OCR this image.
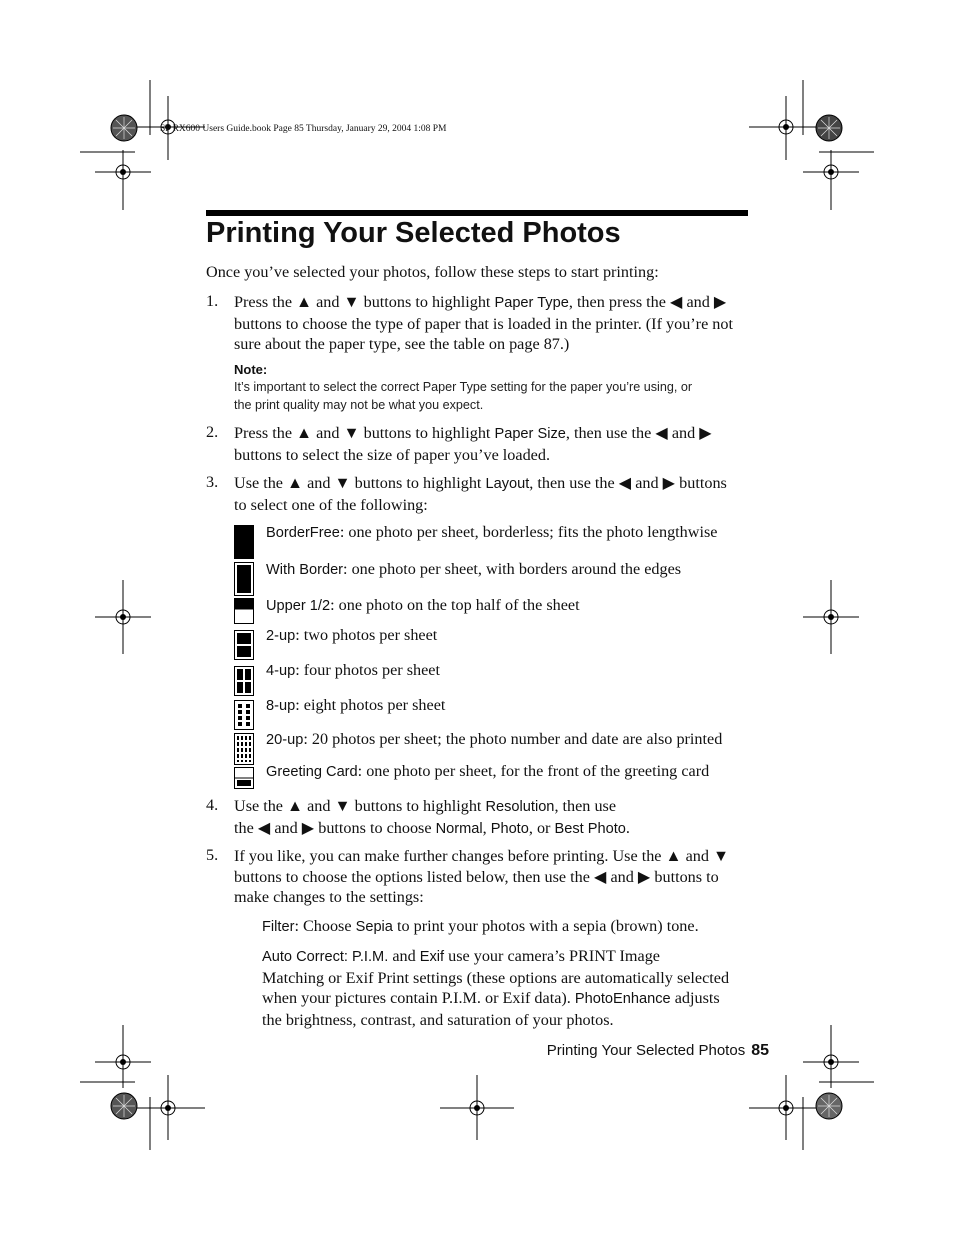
SP RX600 Users Guide.book Page 85 Thursday, January 29, 2004 1:08 PM
Printing Your Selected Photos
Once you’ve selected your photos, follow these steps to start printing:
1. Press the ▲ and ▼ buttons to highlight Paper Type, then press the ◀ and ▶
buttons to choose the type of paper that is loaded in the printer. (If you’re not
sure about the paper type, see the table on page 87.)
Note:
It’s important to select the correct Paper Type setting for the paper you’re using, or
the print quality may not be what you expect.
2. Press the ▲ and ▼ buttons to highlight Paper Size, then use the ◀ and ▶
buttons to select the size of paper you’ve loaded.
3. Use the ▲ and ▼ buttons to highlight Layout, then use the ◀ and ▶ buttons
to select one of the following:
BorderFree: one photo per sheet, borderless; fits the photo lengthwise
With Border: one photo per sheet, with borders around the edges
Upper 1/2: one photo on the top half of the sheet
2-up: two photos per sheet
4-up: four photos per sheet
8-up: eight photos per sheet
20-up: 20 photos per sheet; the photo number and date are also printed
Greeting Card: one photo per sheet, for the front of the greeting card
4. Use the ▲ and ▼ buttons to highlight Resolution, then use
the ◀ and ▶ buttons to choose Normal, Photo, or Best Photo.
5. If you like, you can make further changes before printing. Use the ▲ and ▼
buttons to choose the options listed below, then use the ◀ and ▶ buttons to
make changes to the settings:
Filter: Choose Sepia to print your photos with a sepia (brown) tone.
Auto Correct: P.I.M. and Exif use your camera’s PRINT Image
Matching or Exif Print settings (these options are automatically selected
when your pictures contain P.I.M. or Exif data). PhotoEnhance adjusts
the brightness, contrast, and saturation of your photos.
Printing Your Selected Photos 85
